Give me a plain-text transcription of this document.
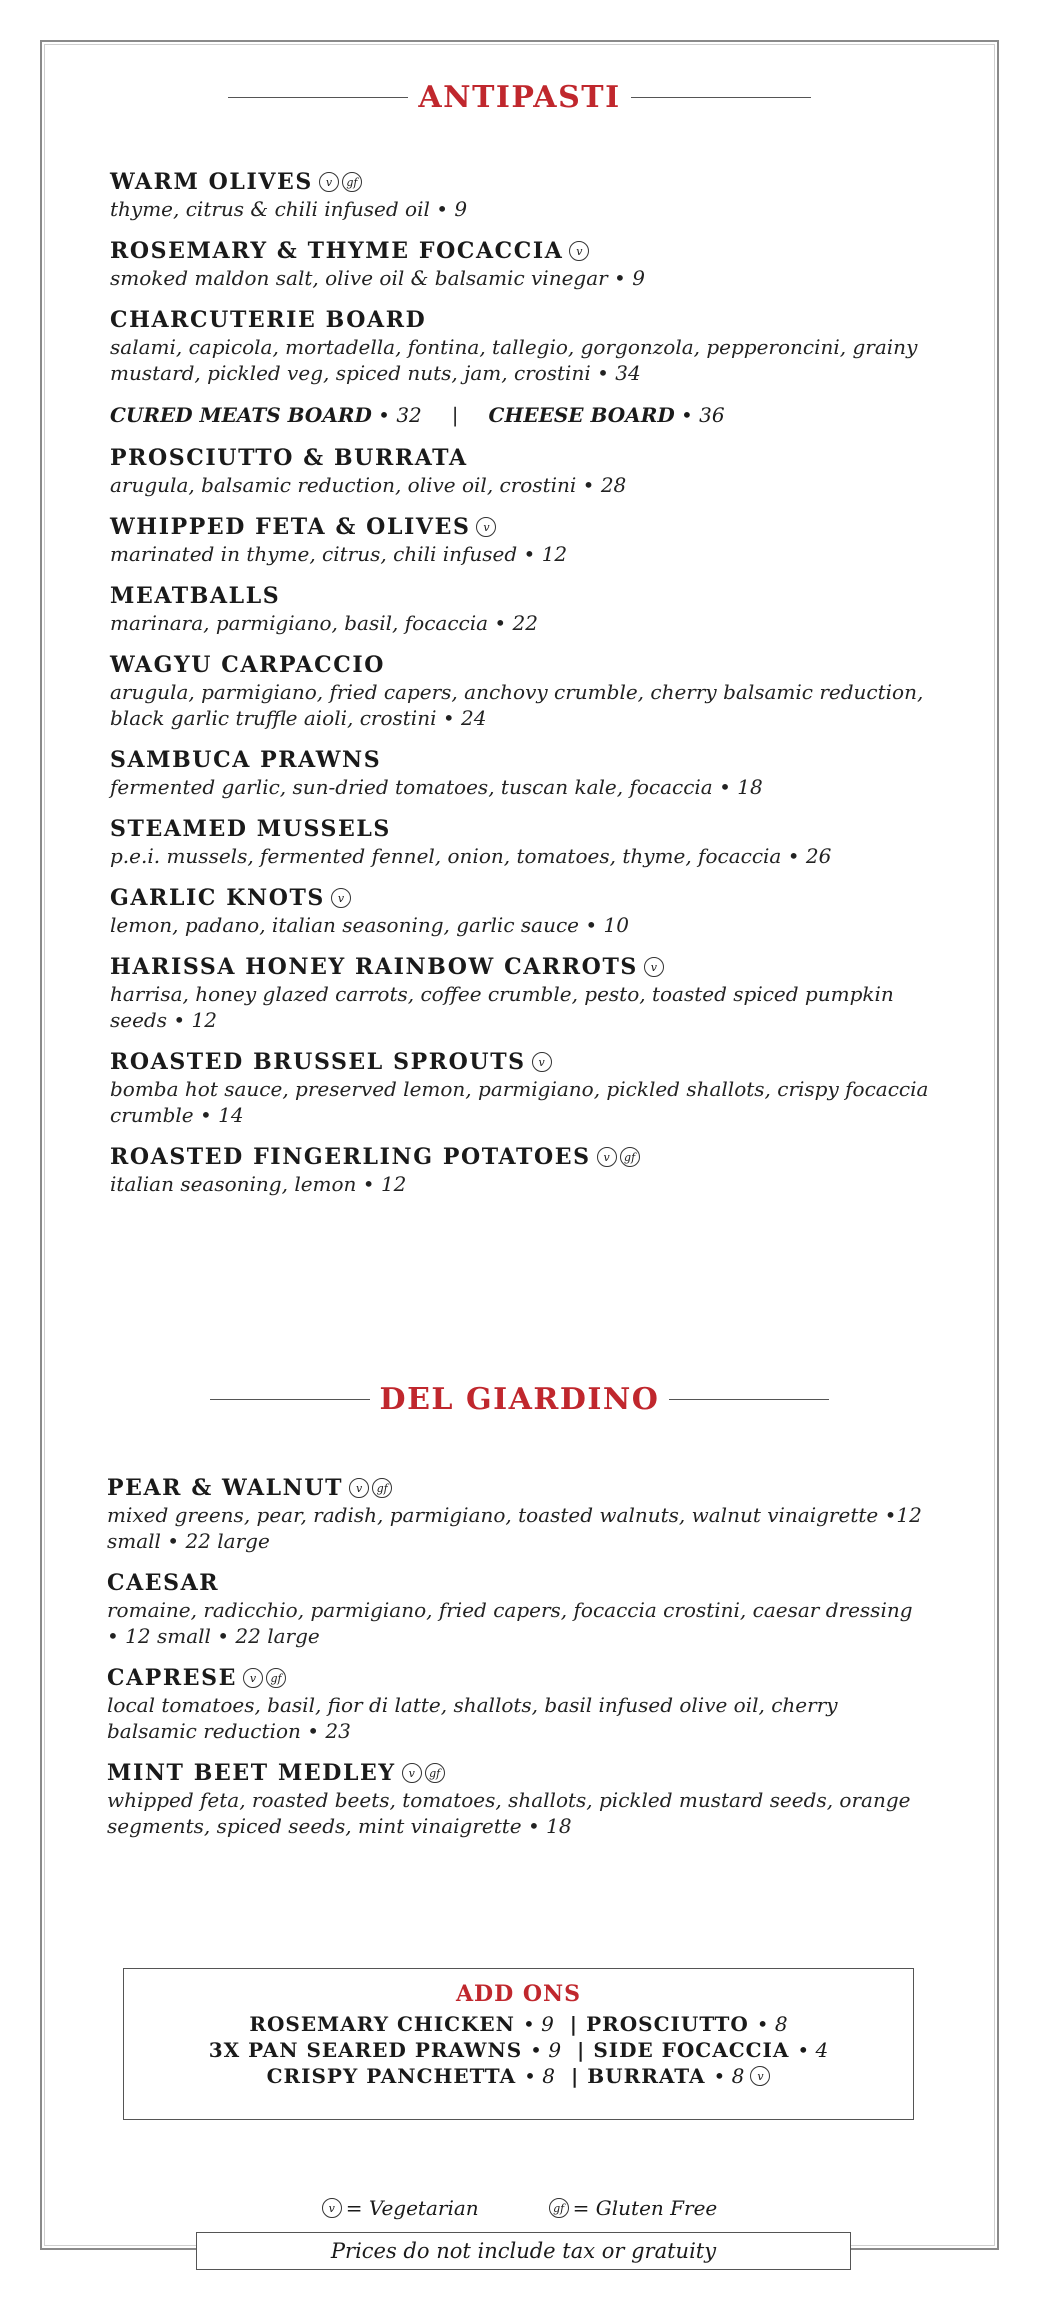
ANTIPASTI
WARM OLIVES	v	gf
thyme, citrus & chili infused oil • 9
ROSEMARY & THYME FOCACCIA	v
smoked maldon salt, olive oil & balsamic vinegar • 9
CHARCUTERIE BOARD
salami, capicola, mortadella, fontina, tallegio, gorgonzola, pepperoncini, grainy mustard, pickled veg, spiced nuts, jam, crostini • 34
CURED MEATS BOARD • 32 | CHEESE BOARD • 36
PROSCIUTTO & BURRATA
arugula, balsamic reduction, olive oil, crostini • 28
WHIPPED FETA & OLIVES	v
marinated in thyme, citrus, chili infused • 12
MEATBALLS
marinara, parmigiano, basil, focaccia • 22
WAGYU CARPACCIO
arugula, parmigiano, fried capers, anchovy crumble, cherry balsamic reduction, black garlic truffle aioli, crostini • 24
SAMBUCA PRAWNS
fermented garlic, sun-dried tomatoes, tuscan kale, focaccia • 18
STEAMED MUSSELS
p.e.i. mussels, fermented fennel, onion, tomatoes, thyme, focaccia • 26
GARLIC KNOTS	v
lemon, padano, italian seasoning, garlic sauce • 10
HARISSA HONEY RAINBOW CARROTS	v
harrisa, honey glazed carrots, coffee crumble, pesto, toasted spiced pumpkin seeds • 12
ROASTED BRUSSEL SPROUTS	v
bomba hot sauce, preserved lemon, parmigiano, pickled shallots, crispy focaccia crumble • 14
ROASTED FINGERLING POTATOES	v	gf
italian seasoning, lemon • 12
DEL GIARDINO
PEAR & WALNUT	v	gf
mixed greens, pear, radish, parmigiano, toasted walnuts, walnut vinaigrette •12 small • 22 large
CAESAR
romaine, radicchio, parmigiano, fried capers, focaccia crostini, caesar dressing • 12 small • 22 large
CAPRESE	v	gf
local tomatoes, basil, fior di latte, shallots, basil infused olive oil, cherry balsamic reduction • 23
MINT BEET MEDLEY	v	gf
whipped feta, roasted beets, tomatoes, shallots, pickled mustard seeds, orange segments, spiced seeds, mint vinaigrette • 18
ADD ONS
ROSEMARY CHICKEN
• 9
| PROSCIUTTO
• 8
3X PAN SEARED PRAWNS
• 9
| SIDE FOCACCIA
• 4
CRISPY PANCHETTA
• 8
| BURRATA
• 8	v
v = Vegetarian	gf = Gluten Free
Prices do not include tax or gratuity
